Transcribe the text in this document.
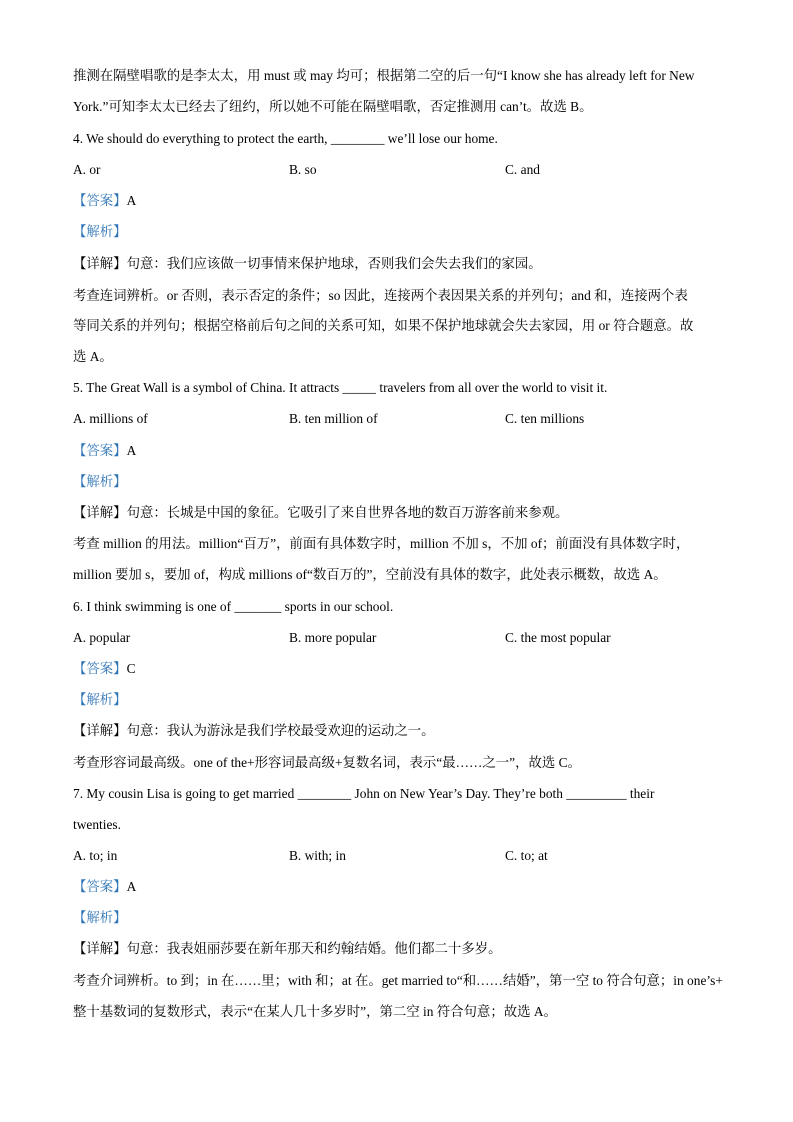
推测在隔壁唱歌的是李太太，用 must 或 may 均可；根据第二空的后一句“I know she has already left for New
York.”可知李太太已经去了纽约，所以她不可能在隔壁唱歌，否定推测用 can’t。故选 B。
4. We should do everything to protect the earth, ________ we’ll lose our home.
A. or	B. so	C. and
【答案】A
【解析】
【详解】句意：我们应该做一切事情来保护地球，否则我们会失去我们的家园。
考查连词辨析。or 否则，表示否定的条件；so 因此，连接两个表因果关系的并列句；and 和，连接两个表
等同关系的并列句；根据空格前后句之间的关系可知，如果不保护地球就会失去家园，用 or 符合题意。故
选 A。
5. The Great Wall is a symbol of China. It attracts _____ travelers from all over the world to visit it.
A. millions of	B. ten million of	C. ten millions
【答案】A
【解析】
【详解】句意：长城是中国的象征。它吸引了来自世界各地的数百万游客前来参观。
考查 million 的用法。million“百万”，前面有具体数字时，million 不加 s，不加 of；前面没有具体数字时，
million 要加 s，要加 of，构成 millions of“数百万的”，空前没有具体的数字，此处表示概数，故选 A。
6. I think swimming is one of _______ sports in our school.
A. popular	B. more popular	C. the most popular
【答案】C
【解析】
【详解】句意：我认为游泳是我们学校最受欢迎的运动之一。
考查形容词最高级。one of the+形容词最高级+复数名词，表示“最……之一”，故选 C。
7. My cousin Lisa is going to get married ________ John on New Year’s Day. They’re both _________ their
twenties.
A. to; in	B. with; in	C. to; at
【答案】A
【解析】
【详解】句意：我表姐丽莎要在新年那天和约翰结婚。他们都二十多岁。
考查介词辨析。to 到；in 在……里；with 和；at 在。get married to“和……结婚”，第一空 to 符合句意；in one’s+
整十基数词的复数形式，表示“在某人几十多岁时”，第二空 in 符合句意；故选 A。
